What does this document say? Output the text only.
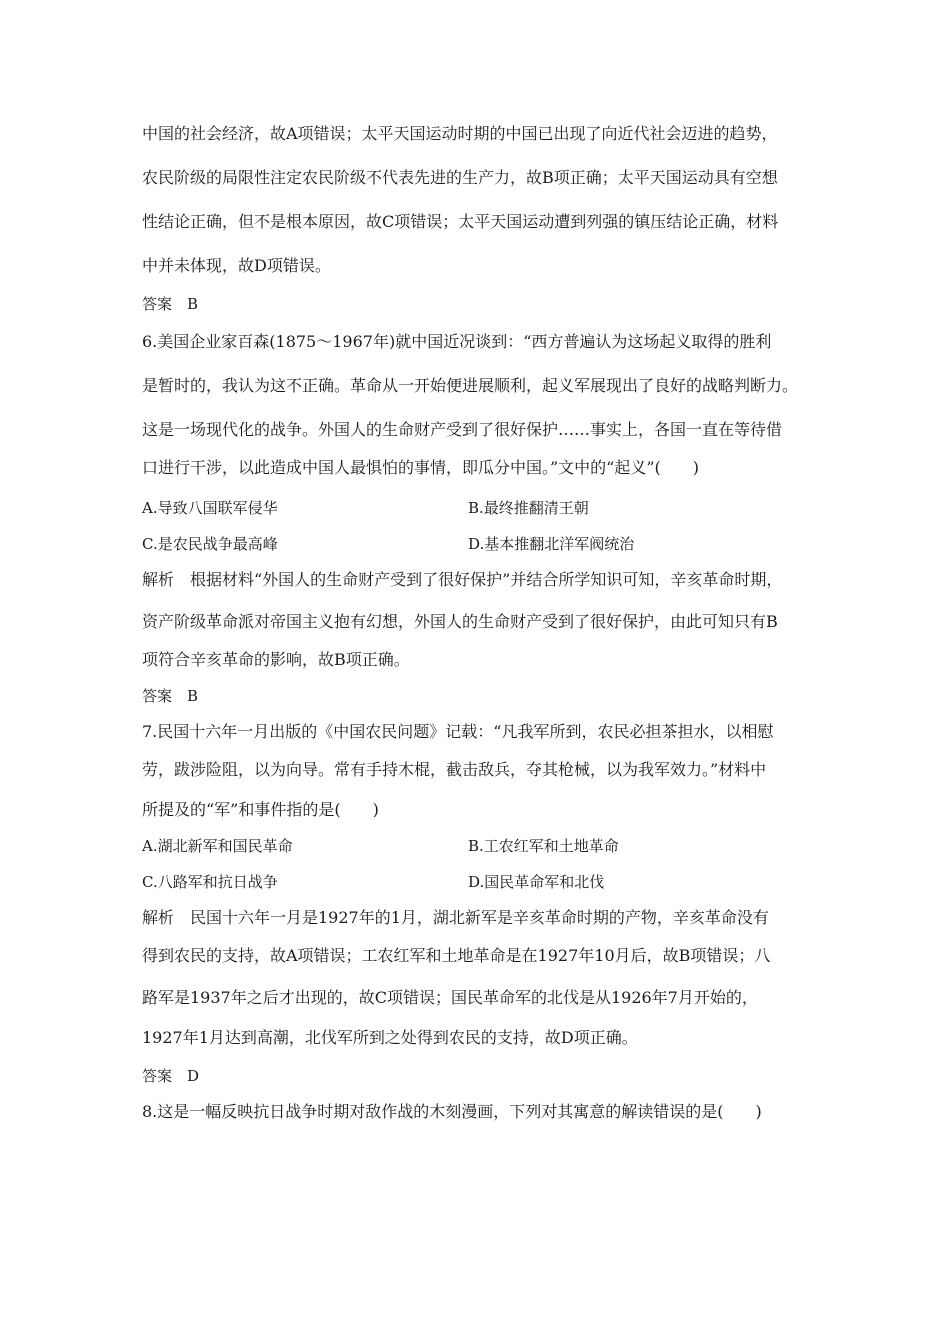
中国的社会经济，故A项错误；太平天国运动时期的中国已出现了向近代社会迈进的趋势，
农民阶级的局限性注定农民阶级不代表先进的生产力，故B项正确；太平天国运动具有空想
性结论正确，但不是根本原因，故C项错误；太平天国运动遭到列强的镇压结论正确，材料
中并未体现，故D项错误。
答案　B
6.美国企业家百森(1875～1967年)就中国近况谈到：“西方普遍认为这场起义取得的胜利
是暂时的，我认为这不正确。革命从一开始便进展顺利，起义军展现出了良好的战略判断力。
这是一场现代化的战争。外国人的生命财产受到了很好保护……事实上，各国一直在等待借
口进行干涉，以此造成中国人最惧怕的事情，即瓜分中国。”文中的“起义”(　　)
A.导致八国联军侵华	B.最终推翻清王朝
C.是农民战争最高峰	D.基本推翻北洋军阀统治
解析　根据材料“外国人的生命财产受到了很好保护”并结合所学知识可知，辛亥革命时期，
资产阶级革命派对帝国主义抱有幻想，外国人的生命财产受到了很好保护，由此可知只有B
项符合辛亥革命的影响，故B项正确。
答案　B
7.民国十六年一月出版的《中国农民问题》记载：“凡我军所到，农民必担茶担水，以相慰
劳，跋涉险阻，以为向导。常有手持木棍，截击敌兵，夺其枪械，以为我军效力。”材料中
所提及的“军”和事件指的是(　　)
A.湖北新军和国民革命	B.工农红军和土地革命
C.八路军和抗日战争	D.国民革命军和北伐
解析　民国十六年一月是1927年的1月，湖北新军是辛亥革命时期的产物，辛亥革命没有
得到农民的支持，故A项错误；工农红军和土地革命是在1927年10月后，故B项错误；八
路军是1937年之后才出现的，故C项错误；国民革命军的北伐是从1926年7月开始的，
1927年1月达到高潮，北伐军所到之处得到农民的支持，故D项正确。
答案　D
8.这是一幅反映抗日战争时期对敌作战的木刻漫画，下列对其寓意的解读错误的是(　　)
